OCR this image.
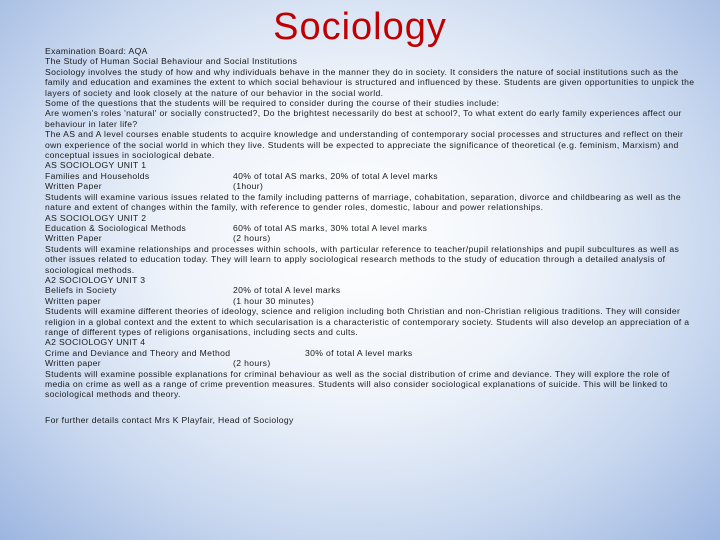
Sociology

Examination Board: AQA

The Study of Human Social Behaviour and Social Institutions

Sociology involves the study of how and why individuals behave in the manner they do in society. It considers the nature of social institutions such as the family and education and examines the extent to which social behaviour is structured and influenced by these. Students are given opportunities to unpick the layers of society and look closely at the nature of our behavior in the social world.

Some of the questions that the students will be required to consider during the course of their studies include:

Are women's roles 'natural' or socially constructed?, Do the brightest necessarily do best at school?, To what extent do early family experiences affect our behaviour in later life?

The AS and A level courses enable students to acquire knowledge and understanding of contemporary social processes and structures and reflect on their own experience of the social world in which they live. Students will be expected to appreciate the significance of theoretical (e.g. feminism, Marxism) and conceptual issues in sociological debate.

AS SOCIOLOGY UNIT 1

Families and Households	40% of total AS marks, 20% of total A level marks
Written Paper	(1hour)

Students will examine various issues related to the family including patterns of marriage, cohabitation, separation, divorce and childbearing as well as the nature and extent of changes within the family, with reference to gender roles, domestic, labour and power relationships.

AS SOCIOLOGY UNIT 2

Education & Sociological Methods	60% of total AS marks, 30% total A level marks
Written Paper	(2 hours)

Students will examine relationships and processes within schools, with particular reference to teacher/pupil relationships and pupil subcultures as well as other issues related to education today. They will learn to apply sociological research methods to the study of education through a detailed analysis of sociological methods.

A2 SOCIOLOGY UNIT 3

Beliefs in Society	20% of total A level marks
Written paper	(1 hour 30 minutes)

Students will examine different theories of ideology, science and religion including both Christian and non-Christian religious traditions. They will consider religion in a global context and the extent to which secularisation is a characteristic of contemporary society. Students will also develop an appreciation of a range of different types of religions organisations, including sects and cults.

A2 SOCIOLOGY UNIT 4

Crime and Deviance and Theory and Method	30% of total A level marks
Written paper	(2 hours)

Students will examine possible explanations for criminal behaviour as well as the social distribution of crime and deviance. They will explore the role of media on crime as well as a range of crime prevention measures. Students will also consider sociological explanations of suicide. This will be linked to sociological methods and theory.

For further details contact Mrs K Playfair, Head of Sociology
